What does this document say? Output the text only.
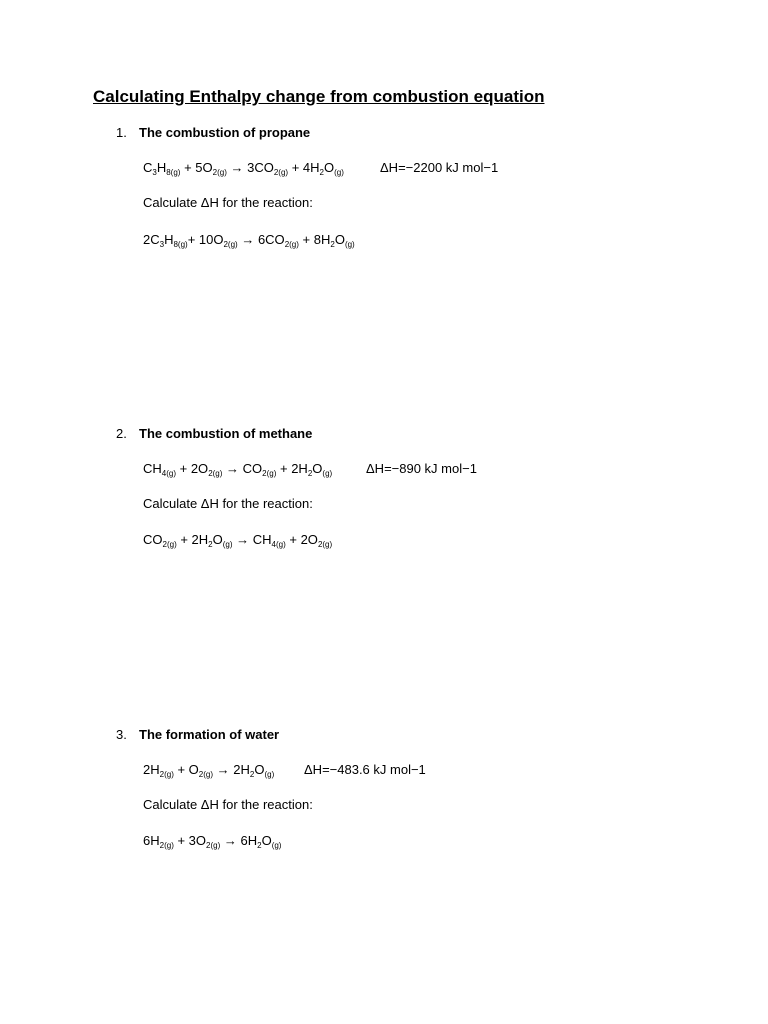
Calculating Enthalpy change from combustion equation
1. The combustion of propane
$C_3H_{8(g)} + 5O_{2(g)} \to 3CO_{2(g)} + 4H_2O_{(g)}$	ΔH=−2200 kJ mol−1
Calculate ΔH for the reaction:
$2C_3H_{8(g)}+ 10O_{2(g)} \to 6CO_{2(g)} + 8H_2O_{(g)}$
2. The combustion of methane
$CH_{4(g)} + 2O_{2(g)} \to CO_{2(g)} + 2H_2O_{(g)}$	ΔH=−890 kJ mol−1
Calculate ΔH for the reaction:
$CO_{2(g)} + 2H_2O_{(g)} \to CH_{4(g)} + 2O_{2(g)}$
3. The formation of water
$2H_{2(g)} + O_{2(g)} \to 2H_2O_{(g)}$ ΔH=−483.6 kJ mol−1
Calculate ΔH for the reaction:
$6H_{2(g)} + 3O_{2(g)} \to 6H_2O_{(g)}$
